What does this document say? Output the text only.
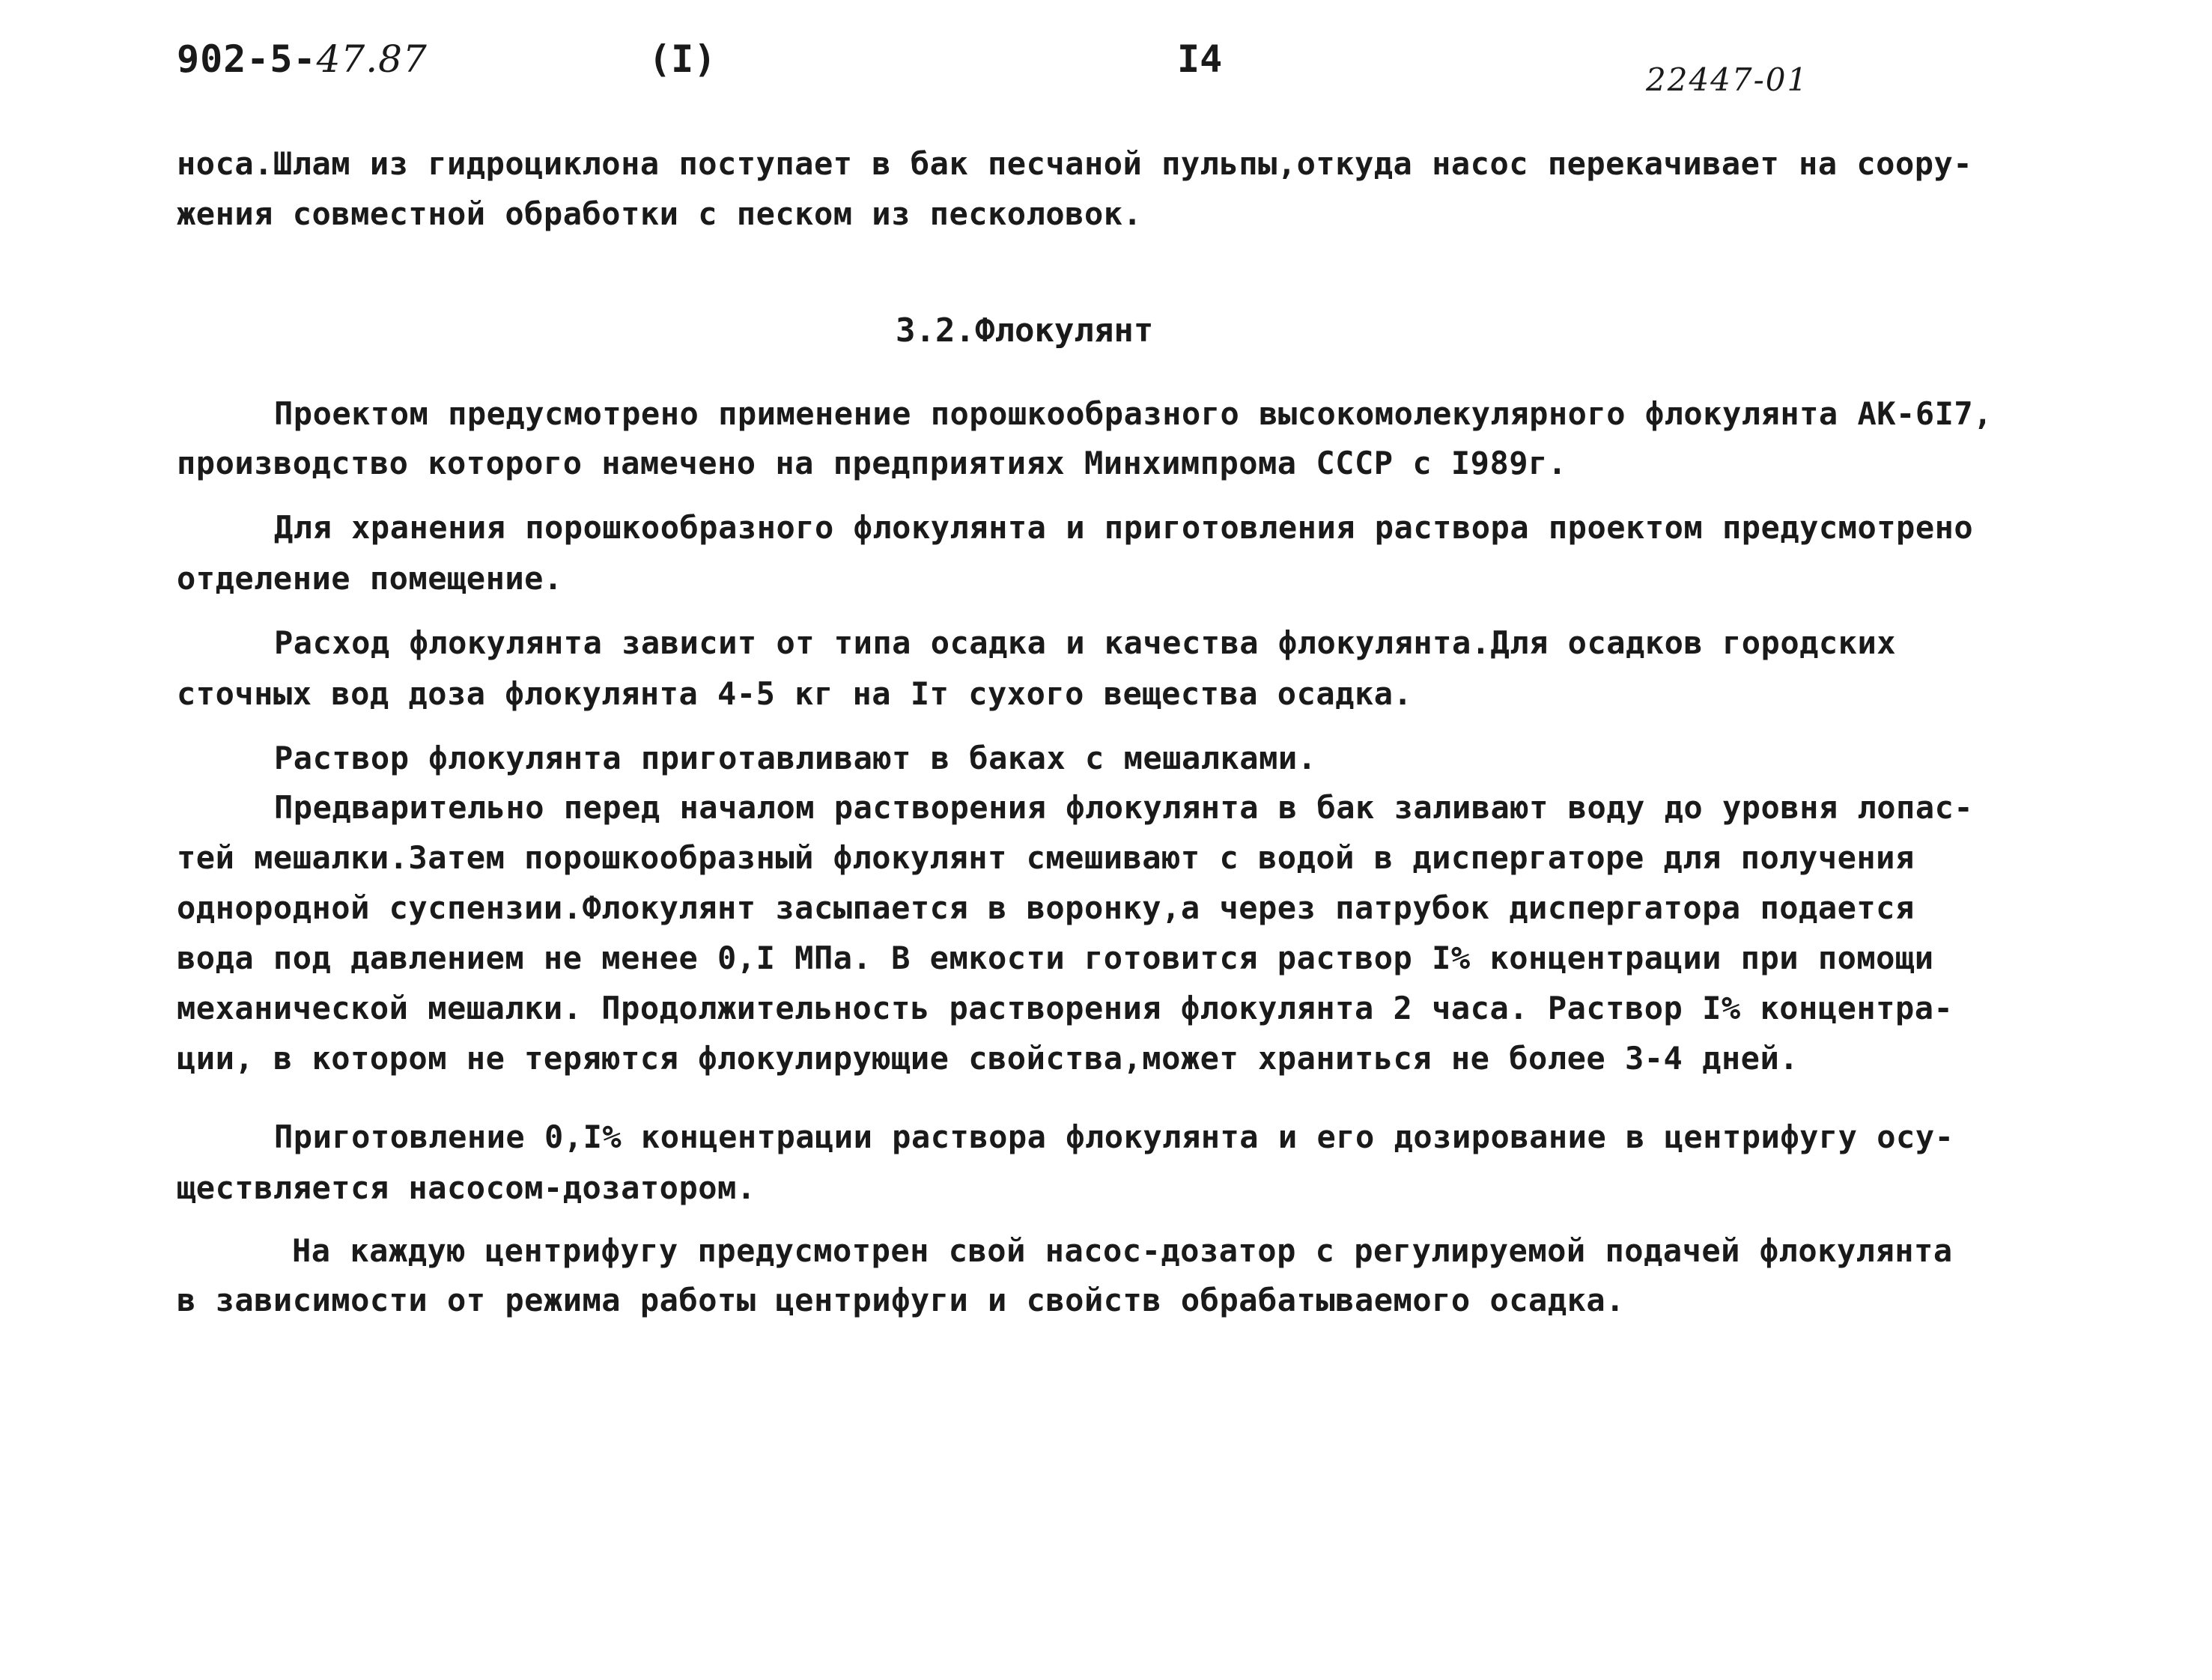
902-5-47.87	(I)	I4	22447-01
носа.Шлам из гидроциклона поступает в бак песчаной пульпы,откуда насос перекачивает на соору-
жения совместной обработки с песком из песколовок.
3.2.Флокулянт
Проектом предусмотрено применение порошкообразного высокомолекулярного флокулянта АК-6I7,
производство которого намечено на предприятиях Минхимпрома СССР с I989г.
Для хранения порошкообразного флокулянта и приготовления раствора проектом предусмотрено
отделение помещение.
Расход флокулянта зависит от типа осадка и качества флокулянта.Для осадков городских
сточных вод доза флокулянта 4-5 кг на Iт сухого вещества осадка.
Раствор флокулянта приготавливают в баках с мешалками.
Предварительно перед началом растворения флокулянта в бак заливают воду до уровня лопас-
тей мешалки.Затем порошкообразный флокулянт смешивают с водой в диспергаторе для получения
однородной суспензии.Флокулянт засыпается в воронку,а через патрубок диспергатора подается
вода под давлением не менее 0,I МПа. В емкости готовится раствор I% концентрации при помощи
механической мешалки. Продолжительность растворения флокулянта 2 часа. Раствор I% концентра-
ции, в котором не теряются флокулирующие свойства,может храниться не более 3-4 дней.
Приготовление 0,I% концентрации раствора флокулянта и его дозирование в центрифугу осу-
ществляется насосом-дозатором.
На каждую центрифугу предусмотрен свой насос-дозатор с регулируемой подачей флокулянта
в зависимости от режима работы центрифуги и свойств обрабатываемого осадка.
